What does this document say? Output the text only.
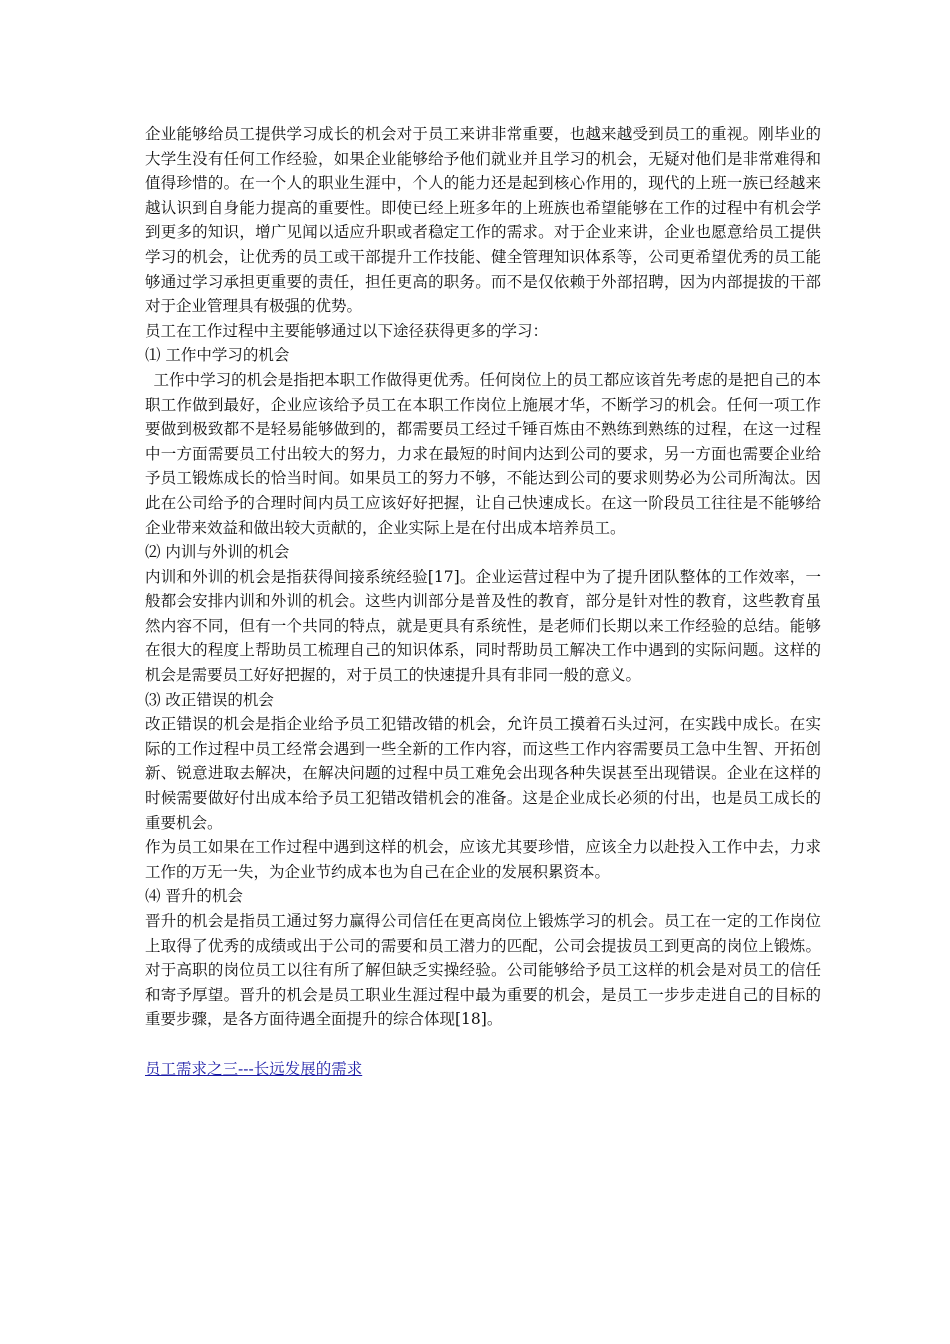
企业能够给员工提供学习成长的机会对于员工来讲非常重要，也越来越受到员工的重视。刚毕业的大学生没有任何工作经验，如果企业能够给予他们就业并且学习的机会，无疑对他们是非常难得和值得珍惜的。在一个人的职业生涯中，个人的能力还是起到核心作用的，现代的上班一族已经越来越认识到自身能力提高的重要性。即使已经上班多年的上班族也希望能够在工作的过程中有机会学到更多的知识，增广见闻以适应升职或者稳定工作的需求。对于企业来讲，企业也愿意给员工提供学习的机会，让优秀的员工或干部提升工作技能、健全管理知识体系等，公司更希望优秀的员工能够通过学习承担更重要的责任，担任更高的职务。而不是仅依赖于外部招聘，因为内部提拔的干部对于企业管理具有极强的优势。

员工在工作过程中主要能够通过以下途径获得更多的学习：

⑴ 工作中学习的机会

工作中学习的机会是指把本职工作做得更优秀。任何岗位上的员工都应该首先考虑的是把自己的本职工作做到最好，企业应该给予员工在本职工作岗位上施展才华，不断学习的机会。任何一项工作要做到极致都不是轻易能够做到的，都需要员工经过千锤百炼由不熟练到熟练的过程，在这一过程中一方面需要员工付出较大的努力，力求在最短的时间内达到公司的要求，另一方面也需要企业给予员工锻炼成长的恰当时间。如果员工的努力不够，不能达到公司的要求则势必为公司所淘汰。因此在公司给予的合理时间内员工应该好好把握，让自己快速成长。在这一阶段员工往往是不能够给企业带来效益和做出较大贡献的，企业实际上是在付出成本培养员工。

⑵ 内训与外训的机会

内训和外训的机会是指获得间接系统经验[17]。企业运营过程中为了提升团队整体的工作效率，一般都会安排内训和外训的机会。这些内训部分是普及性的教育，部分是针对性的教育，这些教育虽然内容不同，但有一个共同的特点，就是更具有系统性，是老师们长期以来工作经验的总结。能够在很大的程度上帮助员工梳理自己的知识体系，同时帮助员工解决工作中遇到的实际问题。这样的机会是需要员工好好把握的，对于员工的快速提升具有非同一般的意义。

⑶ 改正错误的机会

改正错误的机会是指企业给予员工犯错改错的机会，允许员工摸着石头过河，在实践中成长。在实际的工作过程中员工经常会遇到一些全新的工作内容，而这些工作内容需要员工急中生智、开拓创新、锐意进取去解决，在解决问题的过程中员工难免会出现各种失误甚至出现错误。企业在这样的时候需要做好付出成本给予员工犯错改错机会的准备。这是企业成长必须的付出，也是员工成长的重要机会。

作为员工如果在工作过程中遇到这样的机会，应该尤其要珍惜，应该全力以赴投入工作中去，力求工作的万无一失，为企业节约成本也为自己在企业的发展积累资本。

⑷ 晋升的机会

晋升的机会是指员工通过努力赢得公司信任在更高岗位上锻炼学习的机会。员工在一定的工作岗位上取得了优秀的成绩或出于公司的需要和员工潜力的匹配，公司会提拔员工到更高的岗位上锻炼。对于高职的岗位员工以往有所了解但缺乏实操经验。公司能够给予员工这样的机会是对员工的信任和寄予厚望。晋升的机会是员工职业生涯过程中最为重要的机会，是员工一步步走进自己的目标的重要步骤，是各方面待遇全面提升的综合体现[18]。

员工需求之三---长远发展的需求
